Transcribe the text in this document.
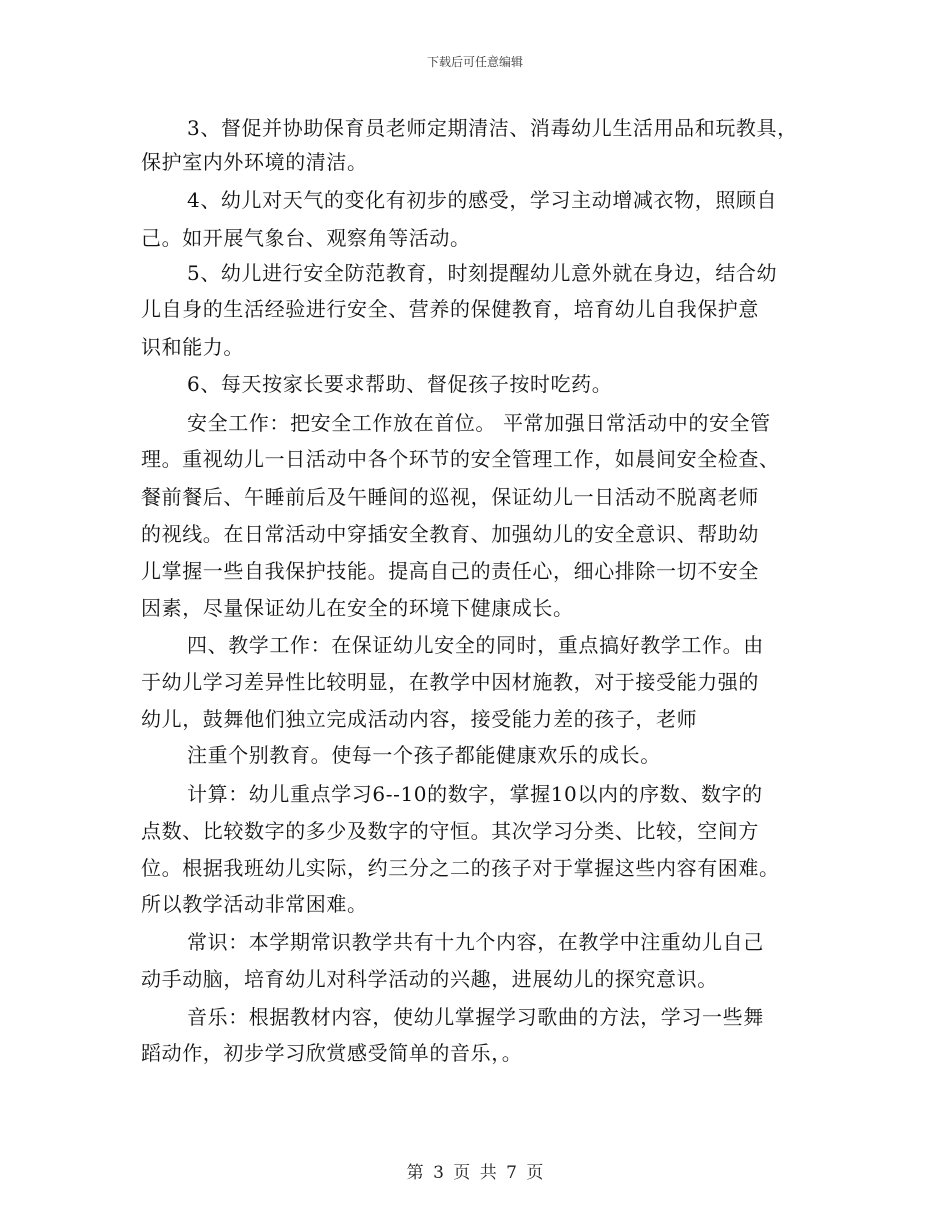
下载后可任意编辑
3、督促并协助保育员老师定期清洁、消毒幼儿生活用品和玩教具，
保护室内外环境的清洁。
4、幼儿对天气的变化有初步的感受，学习主动增减衣物，照顾自
己。如开展气象台、观察角等活动。
5、幼儿进行安全防范教育，时刻提醒幼儿意外就在身边，结合幼
儿自身的生活经验进行安全、营养的保健教育，培育幼儿自我保护意
识和能力。
6、每天按家长要求帮助、督促孩子按时吃药。
安全工作：把安全工作放在首位。 平常加强日常活动中的安全管
理。重视幼儿一日活动中各个环节的安全管理工作，如晨间安全检查、
餐前餐后、午睡前后及午睡间的巡视，保证幼儿一日活动不脱离老师
的视线。在日常活动中穿插安全教育、加强幼儿的安全意识、帮助幼
儿掌握一些自我保护技能。提高自己的责任心，细心排除一切不安全
因素，尽量保证幼儿在安全的环境下健康成长。
四、教学工作：在保证幼儿安全的同时，重点搞好教学工作。由
于幼儿学习差异性比较明显，在教学中因材施教，对于接受能力强的
幼儿，鼓舞他们独立完成活动内容，接受能力差的孩子，老师
注重个别教育。使每一个孩子都能健康欢乐的成长。
计算：幼儿重点学习6--10的数字，掌握10以内的序数、数字的
点数、比较数字的多少及数字的守恒。其次学习分类、比较，空间方
位。根据我班幼儿实际，约三分之二的孩子对于掌握这些内容有困难。
所以教学活动非常困难。
常识：本学期常识教学共有十九个内容，在教学中注重幼儿自己
动手动脑，培育幼儿对科学活动的兴趣，进展幼儿的探究意识。
音乐：根据教材内容，使幼儿掌握学习歌曲的方法，学习一些舞
蹈动作，初步学习欣赏感受简单的音乐，。
第 3 页 共 7 页
